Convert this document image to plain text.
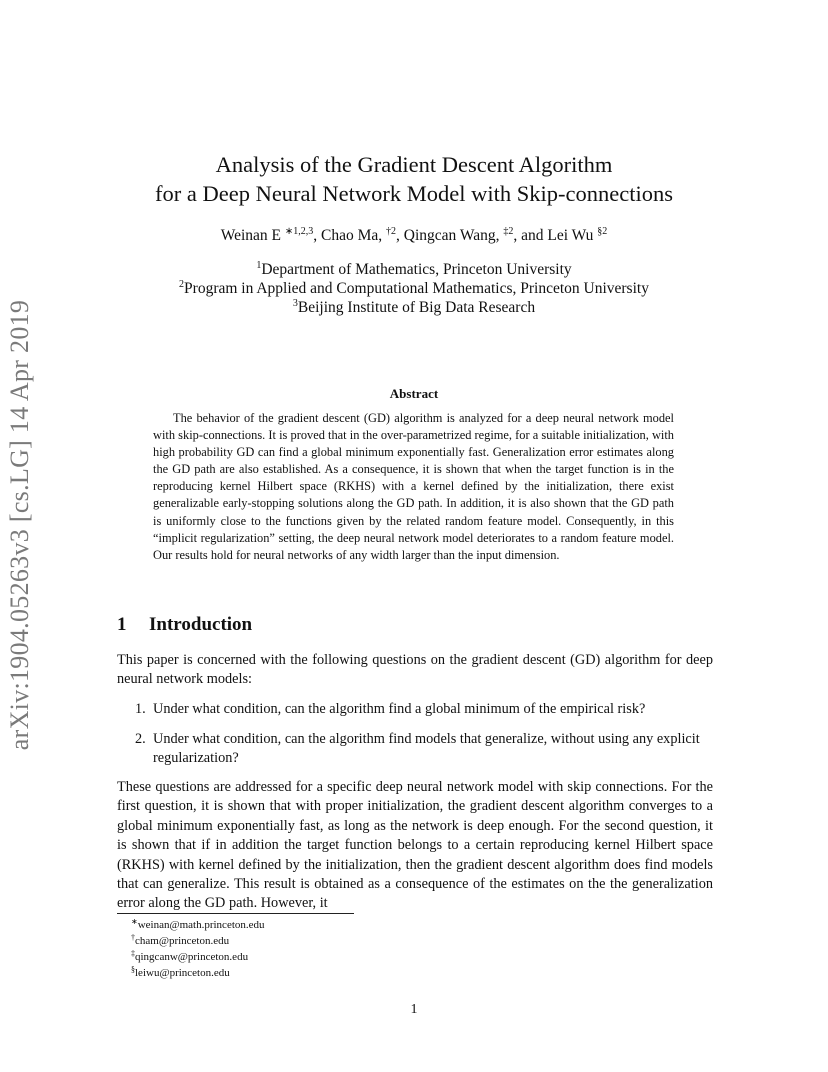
arXiv:1904.05263v3 [cs.LG] 14 Apr 2019
Analysis of the Gradient Descent Algorithm
for a Deep Neural Network Model with Skip-connections
Weinan E $^{∗1,2,3}$, Chao Ma, $^{\dagger 2}$, Qingcan Wang, $^{\ddagger 2}$, and Lei Wu $^{\S 2}$
$^1$Department of Mathematics, Princeton University
$^2$Program in Applied and Computational Mathematics, Princeton University
$^3$Beijing Institute of Big Data Research
Abstract

The behavior of the gradient descent (GD) algorithm is analyzed for a deep neural network model with skip-connections. It is proved that in the over-parametrized regime, for a suitable initialization, with high probability GD can find a global minimum exponentially fast. Generalization error estimates along the GD path are also established. As a consequence, it is shown that when the target function is in the reproducing kernel Hilbert space (RKHS) with a kernel defined by the initialization, there exist generalizable early-stopping solutions along the GD path. In addition, it is also shown that the GD path is uniformly close to the functions given by the related random feature model. Consequently, in this “implicit regularization” setting, the deep neural network model deteriorates to a random feature model. Our results hold for neural networks of any width larger than the input dimension.

1 Introduction
This paper is concerned with the following questions on the gradient descent (GD) algorithm for deep neural network models:
1. Under what condition, can the algorithm find a global minimum of the empirical risk?
2. Under what condition, can the algorithm find models that generalize, without using any explicit regularization?
These questions are addressed for a specific deep neural network model with skip connections. For the first question, it is shown that with proper initialization, the gradient descent algorithm converges to a global minimum exponentially fast, as long as the network is deep enough. For the second question, it is shown that if in addition the target function belongs to a certain reproducing kernel Hilbert space (RKHS) with kernel defined by the initialization, then the gradient descent algorithm does find models that can generalize. This result is obtained as a consequence of the estimates on the the generalization error along the GD path. However, it
∗weinan@math.princeton.edu
†cham@princeton.edu
‡qingcanw@princeton.edu
§leiwu@princeton.edu
1
